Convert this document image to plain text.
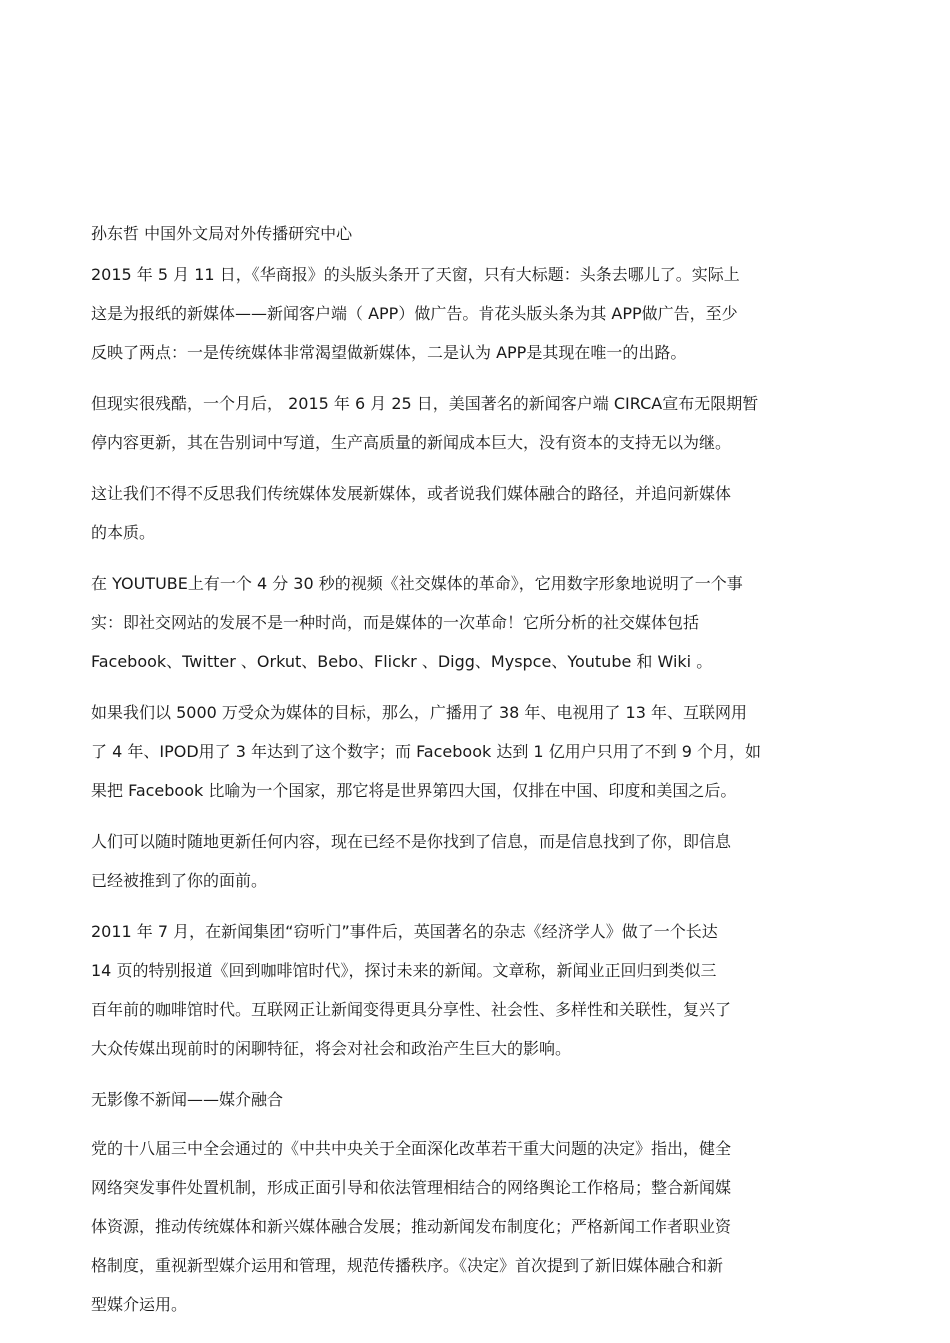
孙东哲 中国外文局对外传播研究中心
2015 年 5 月 11 日，《华商报》的头版头条开了天窗，只有大标题：头条去哪儿了。实际上
这是为报纸的新媒体——新闻客户端（ APP）做广告。肯花头版头条为其 APP做广告，至少
反映了两点：一是传统媒体非常渴望做新媒体，二是认为 APP是其现在唯一的出路。
但现实很残酷，一个月后， 2015 年 6 月 25 日，美国著名的新闻客户端 CIRCA宣布无限期暂
停内容更新，其在告别词中写道，生产高质量的新闻成本巨大，没有资本的支持无以为继。
这让我们不得不反思我们传统媒体发展新媒体，或者说我们媒体融合的路径，并追问新媒体
的本质。
在 YOUTUBE上有一个 4 分 30 秒的视频《社交媒体的革命》，它用数字形象地说明了一个事
实：即社交网站的发展不是一种时尚，而是媒体的一次革命！它所分析的社交媒体包括
Facebook、Twitter 、Orkut、Bebo、Flickr 、Digg、Myspce、Youtube 和 Wiki 。
如果我们以 5000 万受众为媒体的目标，那么，广播用了 38 年、电视用了 13 年、互联网用
了 4 年、IPOD用了 3 年达到了这个数字；而 Facebook 达到 1 亿用户只用了不到 9 个月，如
果把 Facebook 比喻为一个国家，那它将是世界第四大国，仅排在中国、印度和美国之后。
人们可以随时随地更新任何内容，现在已经不是你找到了信息，而是信息找到了你，即信息
已经被推到了你的面前。
2011 年 7 月，在新闻集团“窃听门”事件后，英国著名的杂志《经济学人》做了一个长达
14 页的特别报道《回到咖啡馆时代》，探讨未来的新闻。文章称，新闻业正回归到类似三
百年前的咖啡馆时代。互联网正让新闻变得更具分享性、社会性、多样性和关联性，复兴了
大众传媒出现前时的闲聊特征，将会对社会和政治产生巨大的影响。
无影像不新闻——媒介融合
党的十八届三中全会通过的《中共中央关于全面深化改革若干重大问题的决定》指出，健全
网络突发事件处置机制，形成正面引导和依法管理相结合的网络舆论工作格局；整合新闻媒
体资源，推动传统媒体和新兴媒体融合发展；推动新闻发布制度化；严格新闻工作者职业资
格制度，重视新型媒介运用和管理，规范传播秩序。《决定》首次提到了新旧媒体融合和新
型媒介运用。
